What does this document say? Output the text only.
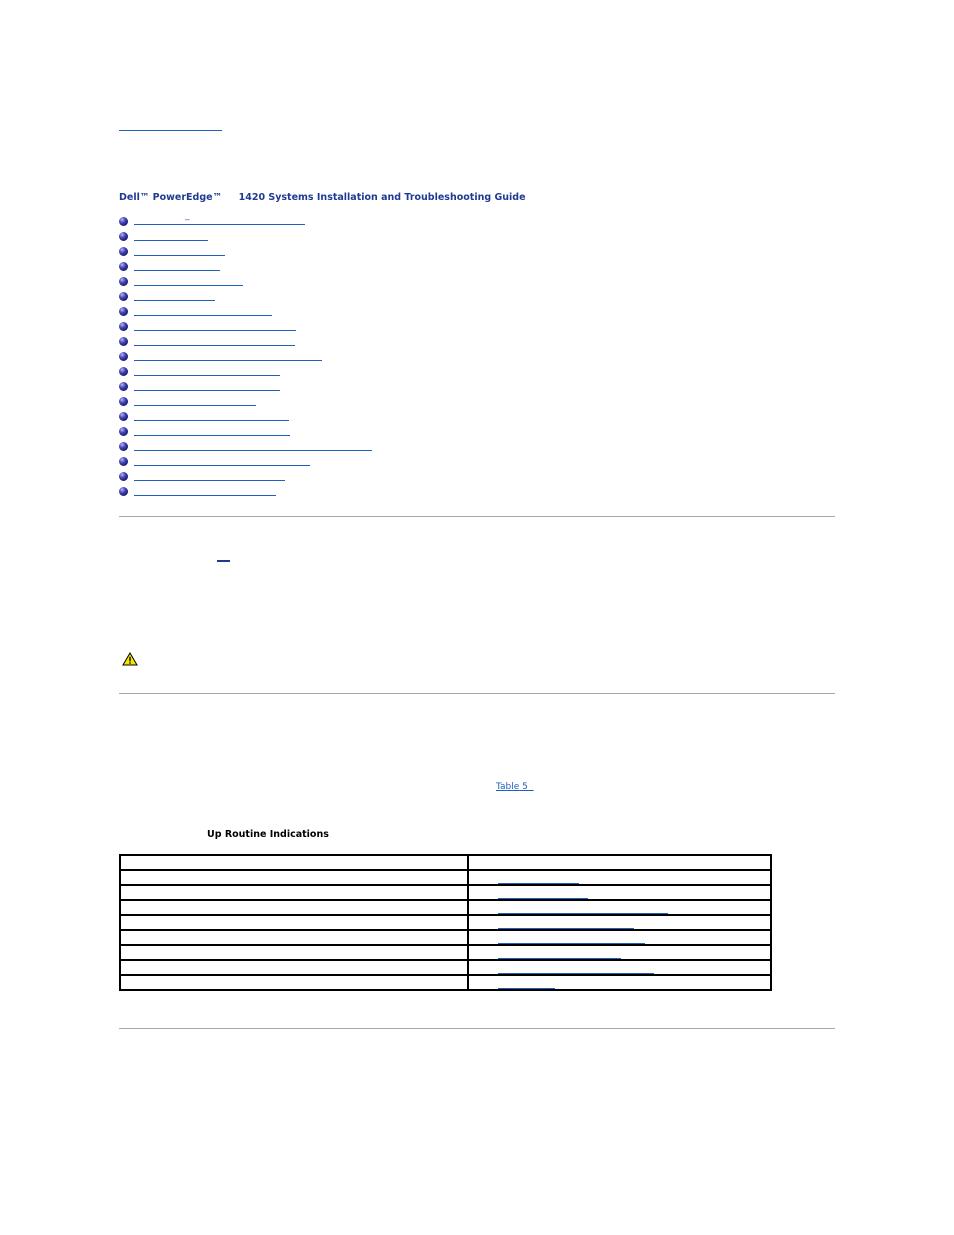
Dell™ PowerEdge™     1420 Systems Installation and Troubleshooting Guide
_
Table 5
Up Routine Indications
